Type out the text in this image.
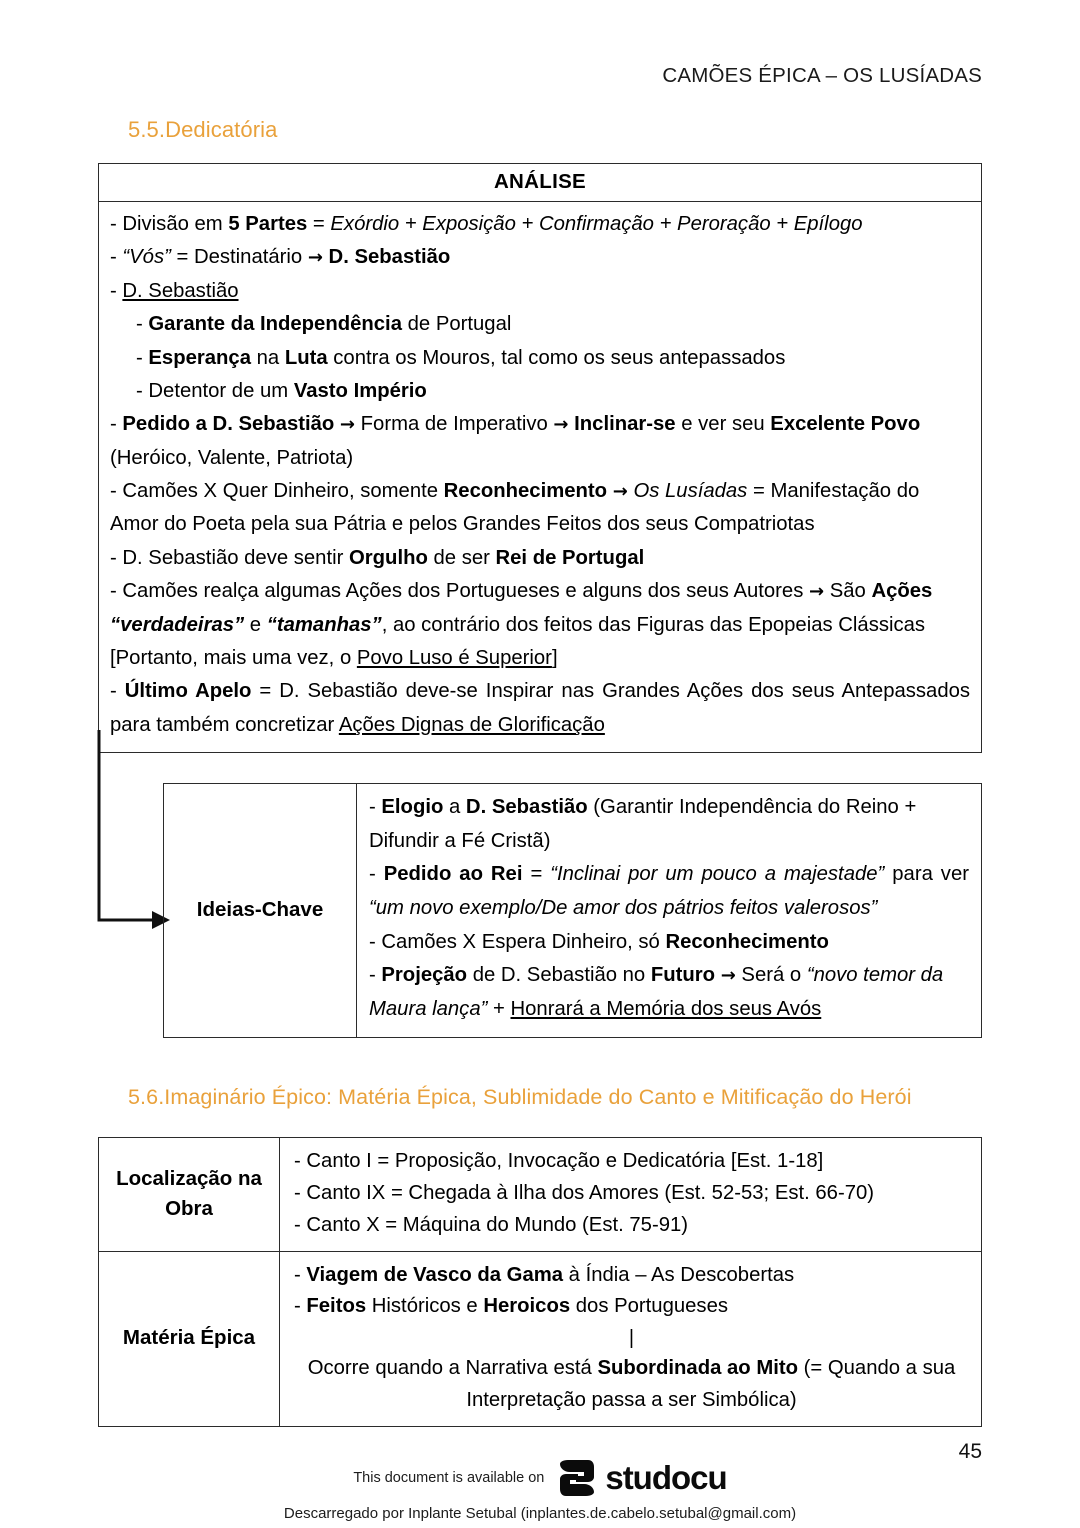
CAMÕES ÉPICA – OS LUSÍADAS
5.5.Dedicatória
ANÁLISE

- Divisão em 5 Partes = Exórdio + Exposição + Confirmação + Peroração + Epílogo
- “Vós” = Destinatário → D. Sebastião
- D. Sebastião
- Garante da Independência de Portugal
- Esperança na Luta contra os Mouros, tal como os seus antepassados
- Detentor de um Vasto Império
- Pedido a D. Sebastião → Forma de Imperativo → Inclinar-se e ver seu Excelente Povo (Heróico, Valente, Patriota)
- Camões X Quer Dinheiro, somente Reconhecimento → Os Lusíadas = Manifestação do Amor do Poeta pela sua Pátria e pelos Grandes Feitos dos seus Compatriotas
- D. Sebastião deve sentir Orgulho de ser Rei de Portugal
- Camões realça algumas Ações dos Portugueses e alguns dos seus Autores → São Ações “verdadeiras” e “tamanhas”, ao contrário dos feitos das Figuras das Epopeias Clássicas [Portanto, mais uma vez, o Povo Luso é Superior]
- Último Apelo = D. Sebastião deve-se Inspirar nas Grandes Ações dos seus Antepassados para também concretizar Ações Dignas de Glorificação
Ideias-Chave	
- Elogio a D. Sebastião (Garantir Independência do Reino + Difundir a Fé Cristã)
- Pedido ao Rei = “Inclinai por um pouco a majestade” para ver “um novo exemplo/De amor dos pátrios feitos valerosos”
- Camões X Espera Dinheiro, só Reconhecimento
- Projeção de D. Sebastião no Futuro → Será o “novo temor da Maura lança” + Honrará a Memória dos seus Avós
5.6.Imaginário Épico: Matéria Épica, Sublimidade do Canto e Mitificação do Herói
Localização na Obra	- Canto I = Proposição, Invocação e Dedicatória [Est. 1-18]
- Canto IX = Chegada à Ilha dos Amores (Est. 52-53; Est. 66-70)
- Canto X = Máquina do Mundo (Est. 75-91)

Matéria Épica	- Viagem de Vasco da Gama à Índia – As Descobertas
- Feitos Históricos e Heroicos dos Portugueses
|
Ocorre quando a Narrativa está Subordinada ao Mito (= Quando a sua Interpretação passa a ser Simbólica)
45
This document is available on studocu
Descarregado por Inplante Setubal (inplantes.de.cabelo.setubal@gmail.com)
